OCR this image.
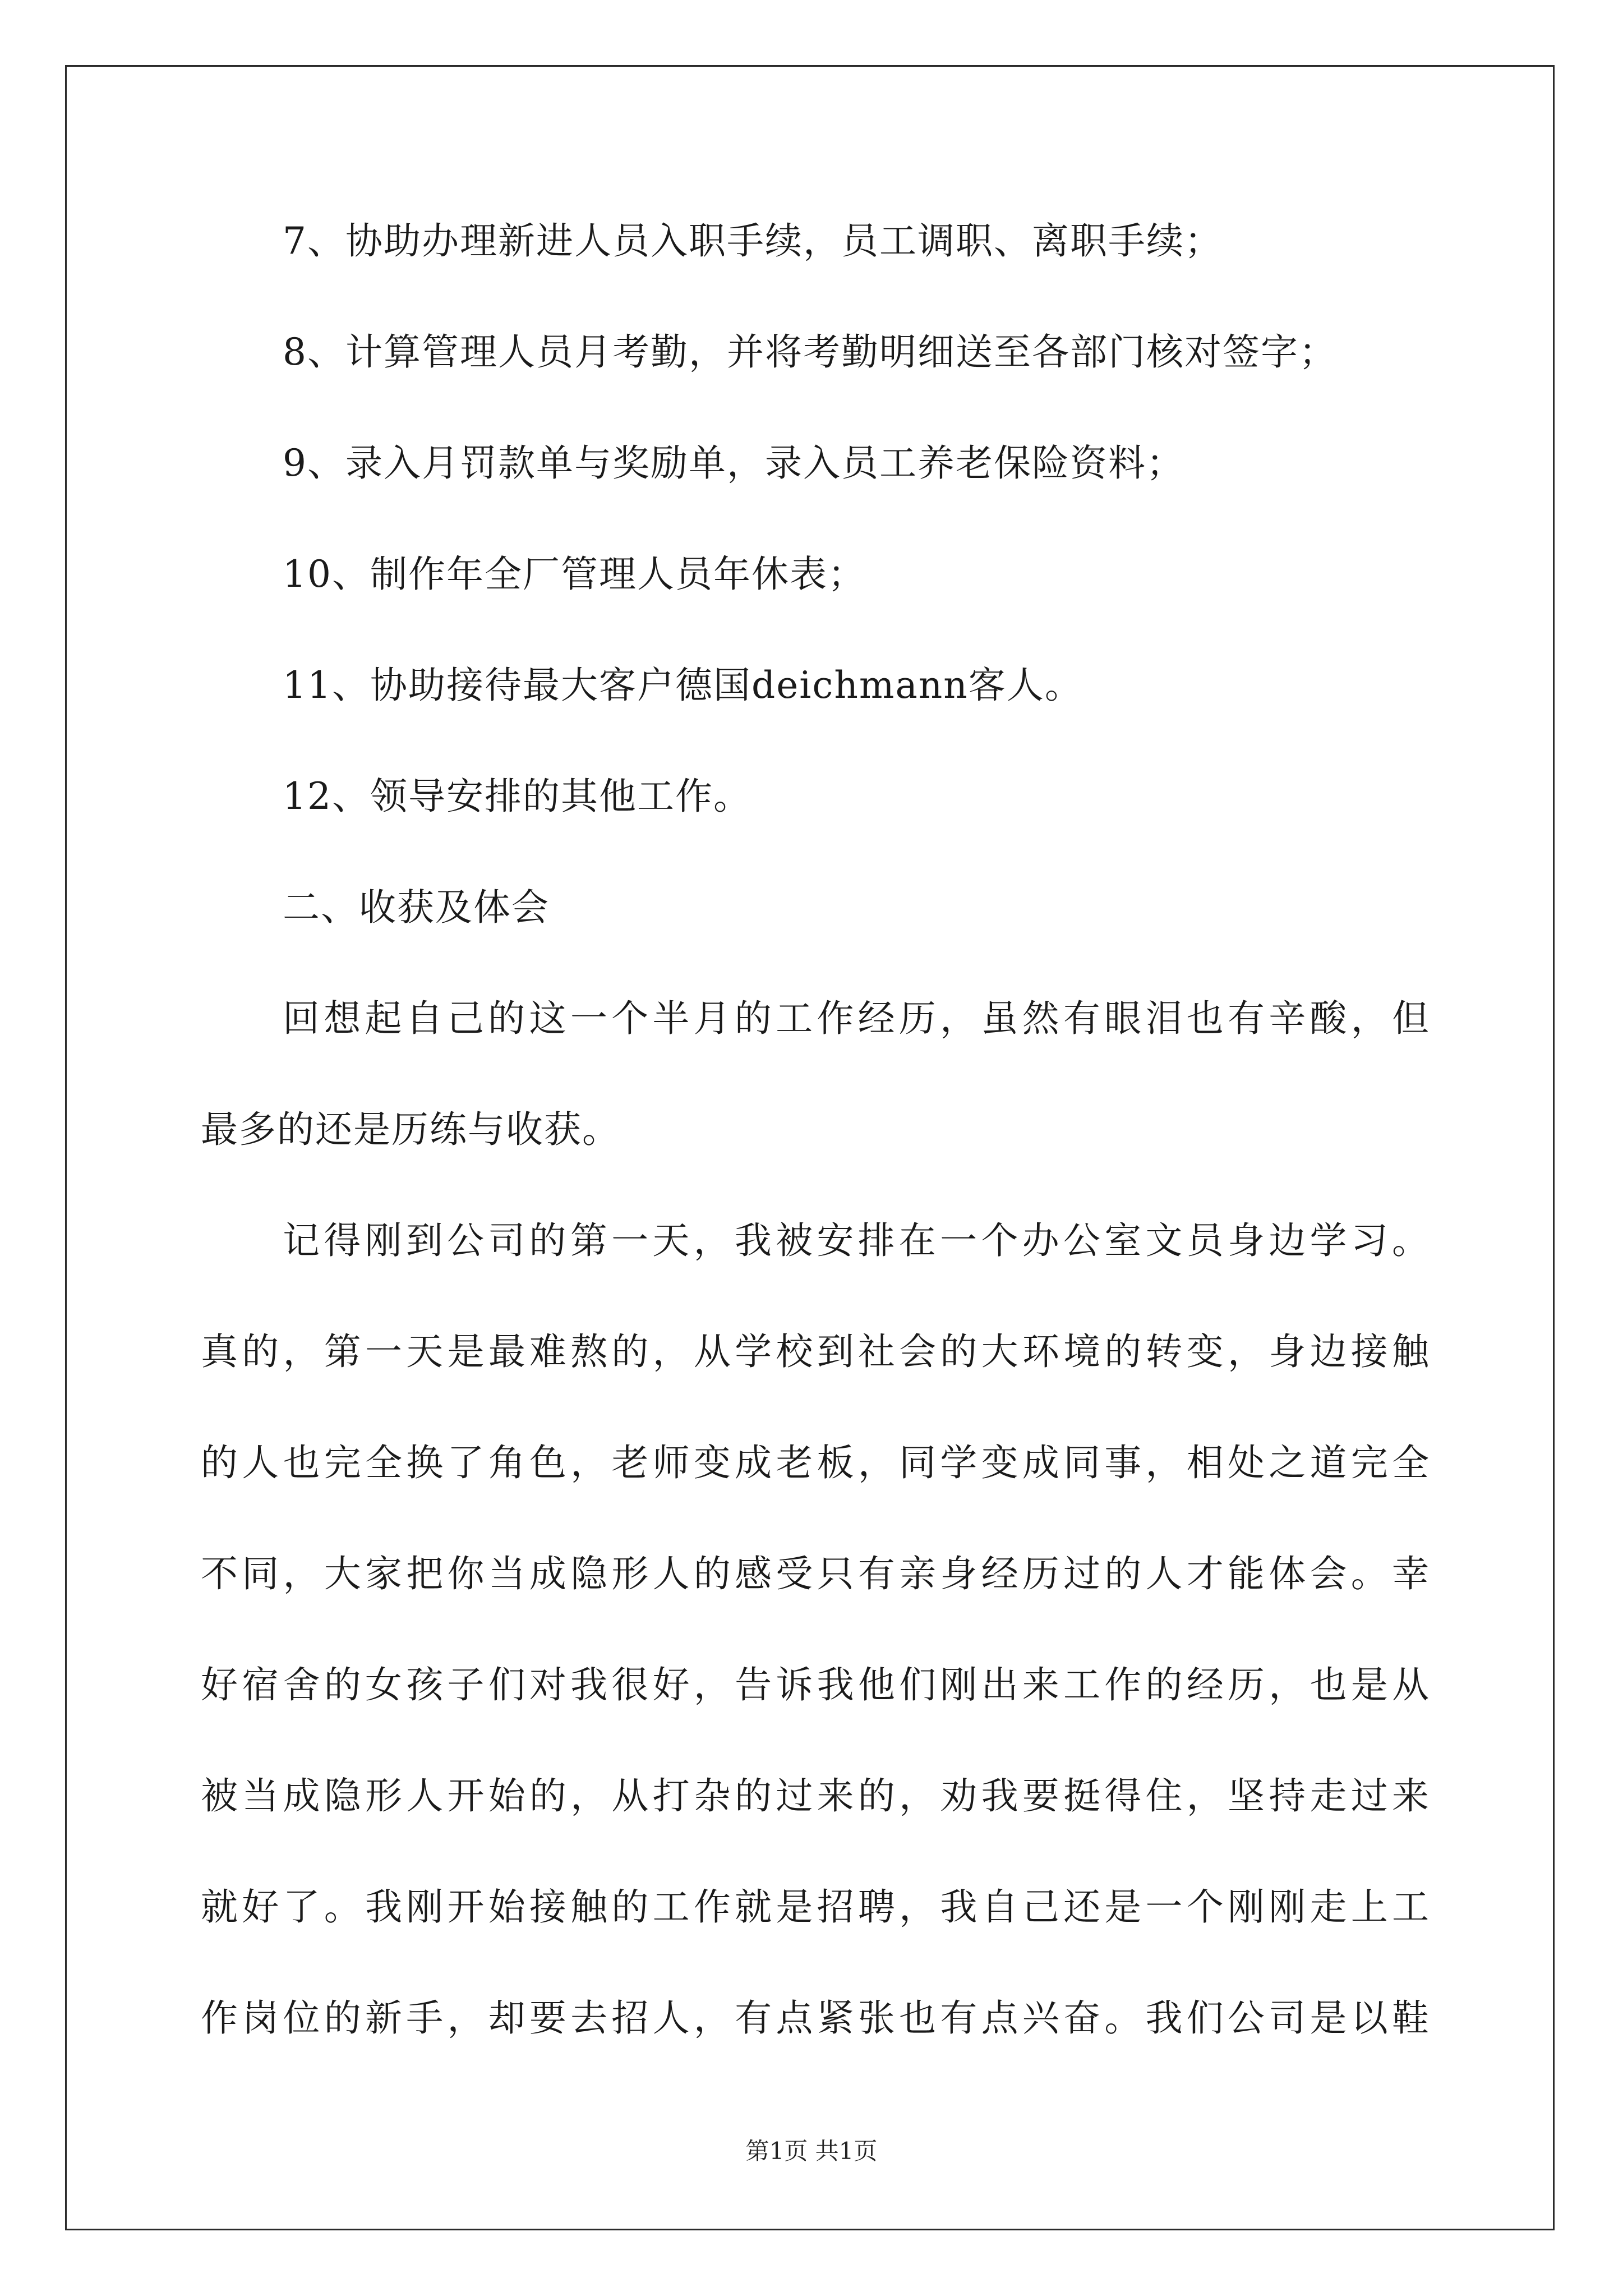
7、协助办理新进人员入职手续，员工调职、离职手续；
8、计算管理人员月考勤，并将考勤明细送至各部门核对签字；
9、录入月罚款单与奖励单，录入员工养老保险资料；
10、制作年全厂管理人员年休表；
11、协助接待最大客户德国deichmann客人。
12、领导安排的其他工作。
二、收获及体会
回想起自己的这一个半月的工作经历，虽然有眼泪也有辛酸，但
最多的还是历练与收获。
记得刚到公司的第一天，我被安排在一个办公室文员身边学习。
真的，第一天是最难熬的，从学校到社会的大环境的转变，身边接触
的人也完全换了角色，老师变成老板，同学变成同事，相处之道完全
不同，大家把你当成隐形人的感受只有亲身经历过的人才能体会。幸
好宿舍的女孩子们对我很好，告诉我他们刚出来工作的经历，也是从
被当成隐形人开始的，从打杂的过来的，劝我要挺得住，坚持走过来
就好了。我刚开始接触的工作就是招聘，我自己还是一个刚刚走上工
作岗位的新手，却要去招人，有点紧张也有点兴奋。我们公司是以鞋
第1页 共1页
